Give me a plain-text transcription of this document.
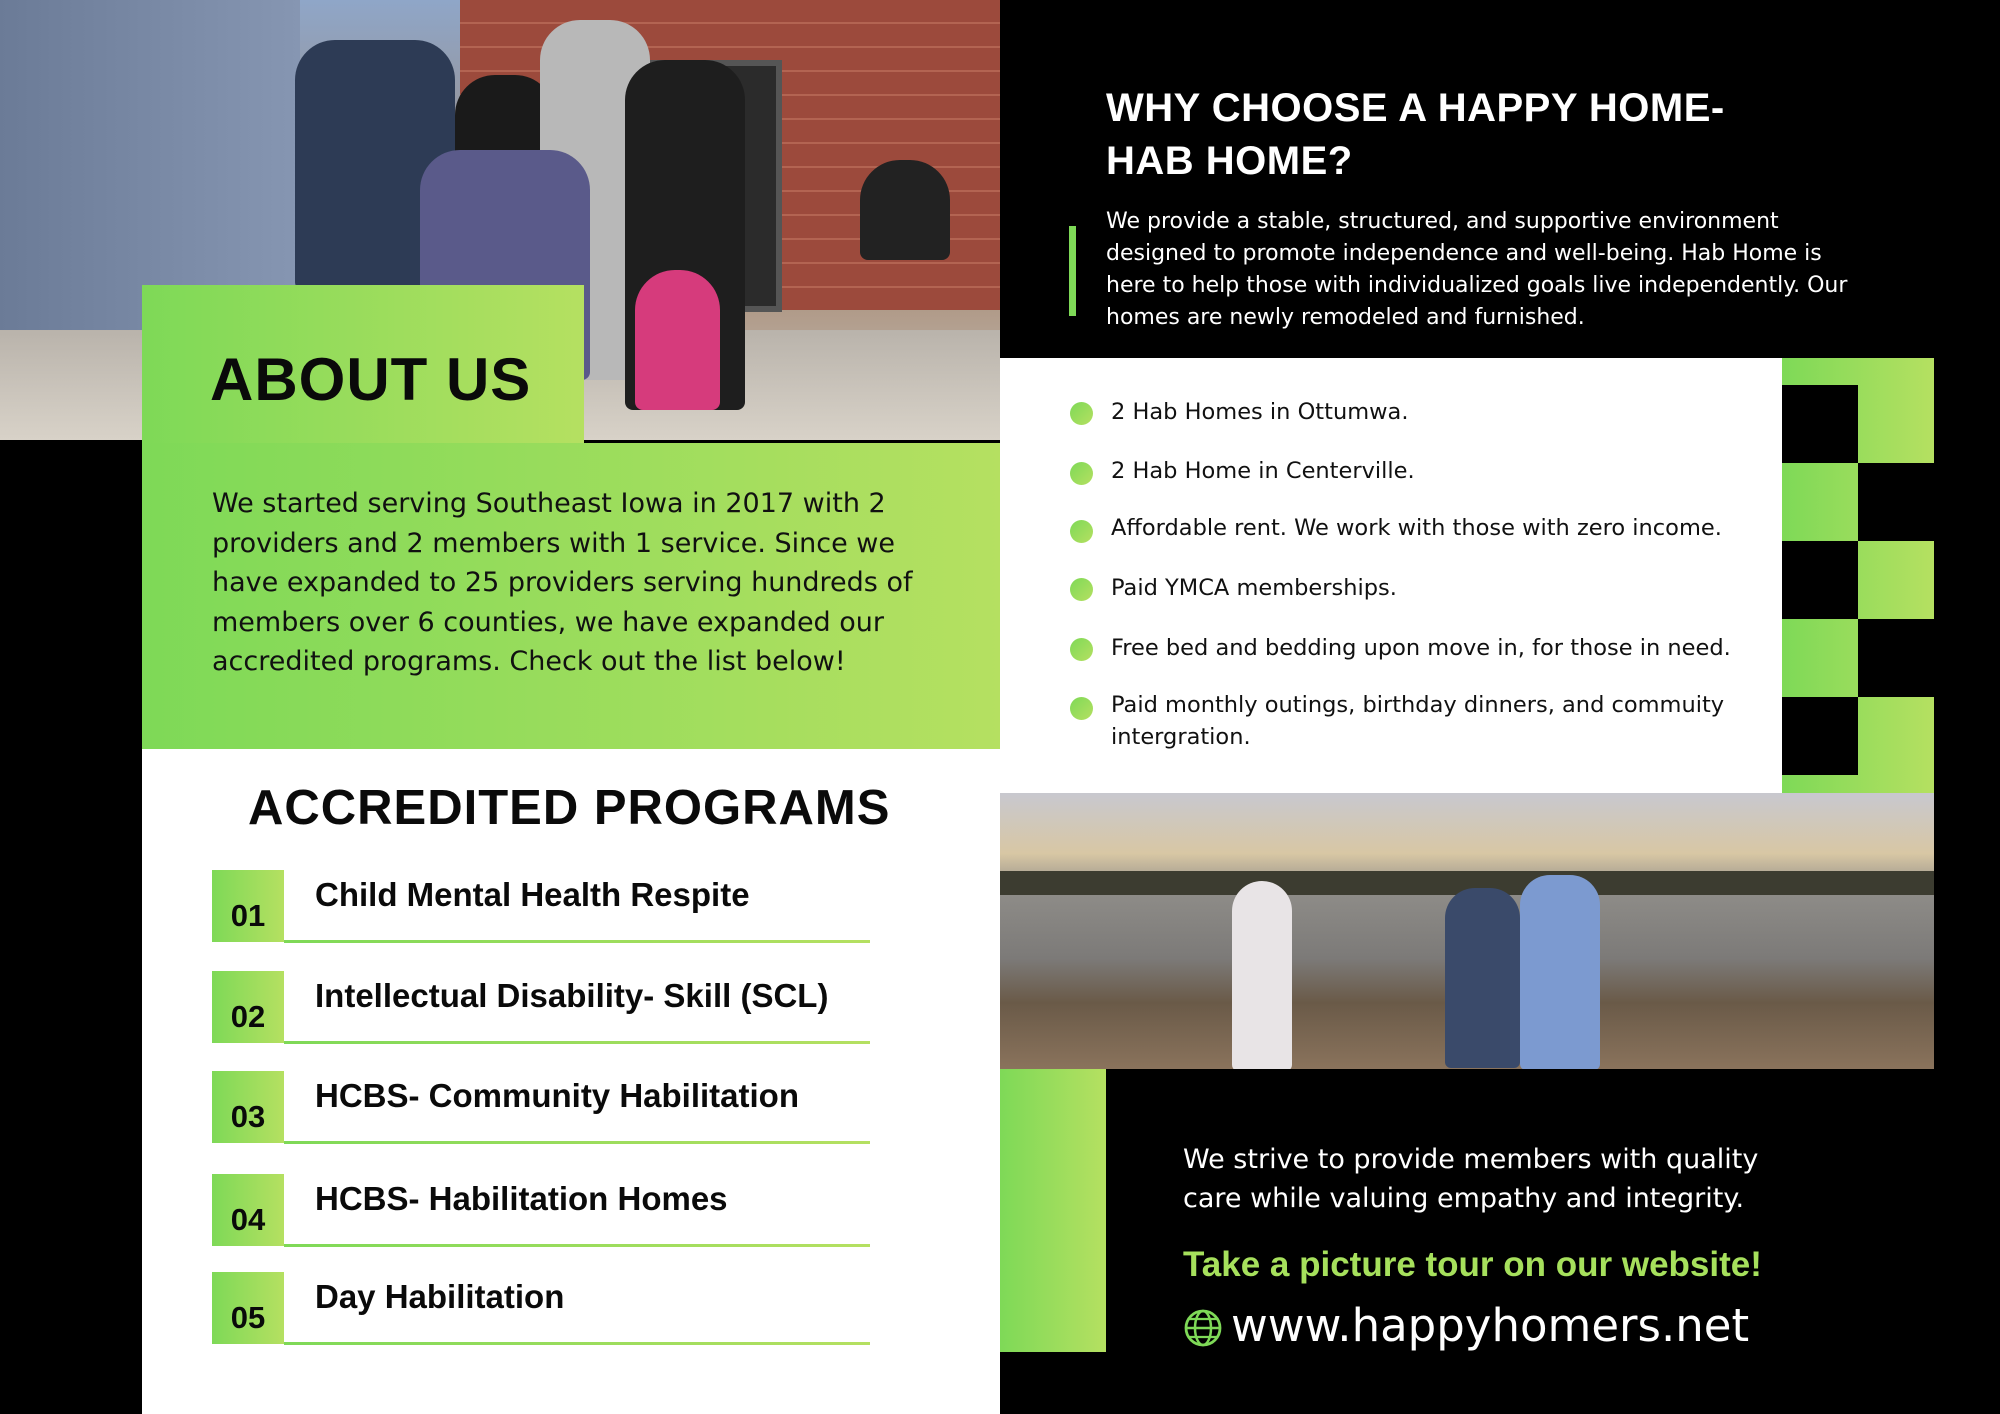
ABOUT US
We started serving Southeast Iowa in 2017 with 2 providers and 2 members with 1 service. Since we have expanded to 25 providers serving hundreds of members over 6 counties, we have expanded our accredited programs. Check out the list below!
ACCREDITED PROGRAMS
01
Child Mental Health Respite
02
Intellectual Disability- Skill (SCL)
03
HCBS- Community Habilitation
04
HCBS- Habilitation Homes
05
Day Habilitation
WHY CHOOSE A HAPPY HOME- HAB HOME?
We provide a stable, structured, and supportive environment designed to promote independence and well-being. Hab Home is here to help those with individualized goals live independently. Our homes are newly remodeled and furnished.
2 Hab Homes in Ottumwa.
2 Hab Home in Centerville.
Affordable rent. We work with those with zero income.
Paid YMCA memberships.
Free bed and bedding upon move in, for those in need.
Paid monthly outings, birthday dinners, and commuity intergration.
We strive to provide members with quality care while valuing empathy and integrity.
Take a picture tour on our website!
www.happyhomers.net
